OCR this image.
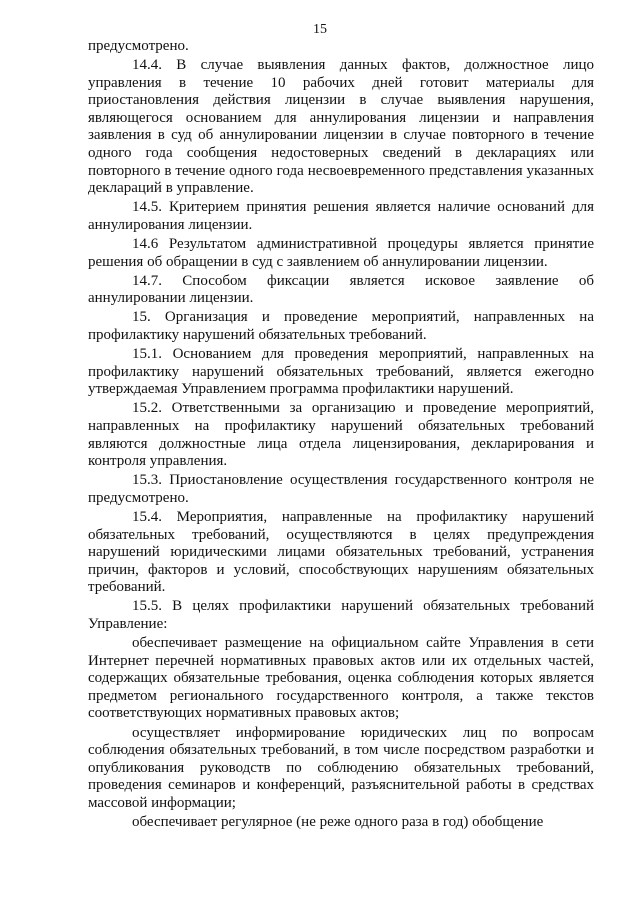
15

предусмотрено.

14.4. В случае выявления данных фактов, должностное лицо управления в течение 10 рабочих дней готовит материалы для приостановления действия лицензии в случае выявления нарушения, являющегося основанием для аннулирования лицензии и направления заявления в суд об аннулировании лицензии в случае повторного в течение одного года сообщения недостоверных сведений в декларациях или повторного в течение одного года несвоевременного представления указанных деклараций в управление.

14.5. Критерием принятия решения является наличие оснований для аннулирования лицензии.

14.6 Результатом административной процедуры является принятие решения об обращении в суд с заявлением об аннулировании лицензии.

14.7. Способом фиксации является исковое заявление об аннулировании лицензии.

15. Организация и проведение мероприятий, направленных на профилактику нарушений обязательных требований.

15.1. Основанием для проведения мероприятий, направленных на профилактику нарушений обязательных требований, является ежегодно утверждаемая Управлением программа профилактики нарушений.

15.2. Ответственными за организацию и проведение мероприятий, направленных на профилактику нарушений обязательных требований являются должностные лица отдела лицензирования, декларирования и контроля управления.

15.3. Приостановление осуществления государственного контроля не предусмотрено.

15.4. Мероприятия, направленные на профилактику нарушений обязательных требований, осуществляются в целях предупреждения нарушений юридическими лицами обязательных требований, устранения причин, факторов и условий, способствующих нарушениям обязательных требований.

15.5. В целях профилактики нарушений обязательных требований Управление:

обеспечивает размещение на официальном сайте Управления в сети Интернет перечней нормативных правовых актов или их отдельных частей, содержащих обязательные требования, оценка соблюдения которых является предметом регионального государственного контроля, а также текстов соответствующих нормативных правовых актов;

осуществляет информирование юридических лиц по вопросам соблюдения обязательных требований, в том числе посредством разработки и опубликования руководств по соблюдению обязательных требований, проведения семинаров и конференций, разъяснительной работы в средствах массовой информации;

обеспечивает регулярное (не реже одного раза в год) обобщение
